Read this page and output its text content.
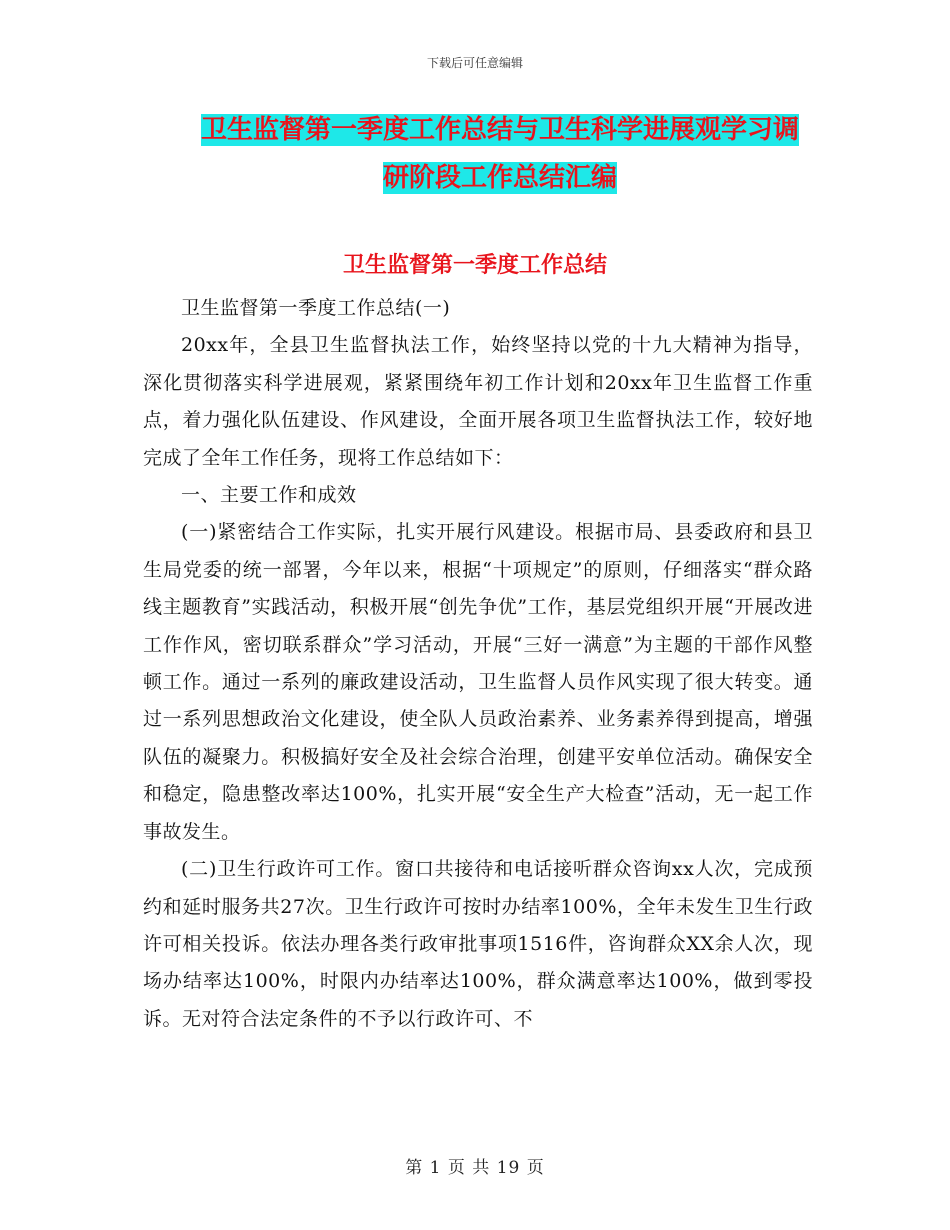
下载后可任意编辑
卫生监督第一季度工作总结与卫生科学进展观学习调
研阶段工作总结汇编
卫生监督第一季度工作总结

卫生监督第一季度工作总结(一)

20xx年，全县卫生监督执法工作，始终坚持以党的十九大精神为指导，深化贯彻落实科学进展观，紧紧围绕年初工作计划和20xx年卫生监督工作重点，着力强化队伍建设、作风建设，全面开展各项卫生监督执法工作，较好地完成了全年工作任务，现将工作总结如下：

一、主要工作和成效

(一)紧密结合工作实际，扎实开展行风建设。根据市局、县委政府和县卫生局党委的统一部署，今年以来，根据“十项规定”的原则，仔细落实“群众路线主题教育”实践活动，积极开展“创先争优”工作，基层党组织开展“开展改进工作作风，密切联系群众”学习活动，开展“三好一满意”为主题的干部作风整顿工作。通过一系列的廉政建设活动，卫生监督人员作风实现了很大转变。通过一系列思想政治文化建设，使全队人员政治素养、业务素养得到提高，增强队伍的凝聚力。积极搞好安全及社会综合治理，创建平安单位活动。确保安全和稳定，隐患整改率达100%，扎实开展“安全生产大检查”活动，无一起工作事故发生。

(二)卫生行政许可工作。窗口共接待和电话接听群众咨询xx人次，完成预约和延时服务共27次。卫生行政许可按时办结率100%，全年未发生卫生行政许可相关投诉。依法办理各类行政审批事项1516件，咨询群众XX余人次，现场办结率达100%，时限内办结率达100%，群众满意率达100%，做到零投诉。无对符合法定条件的不予以行政许可、不

第 1 页 共 19 页
